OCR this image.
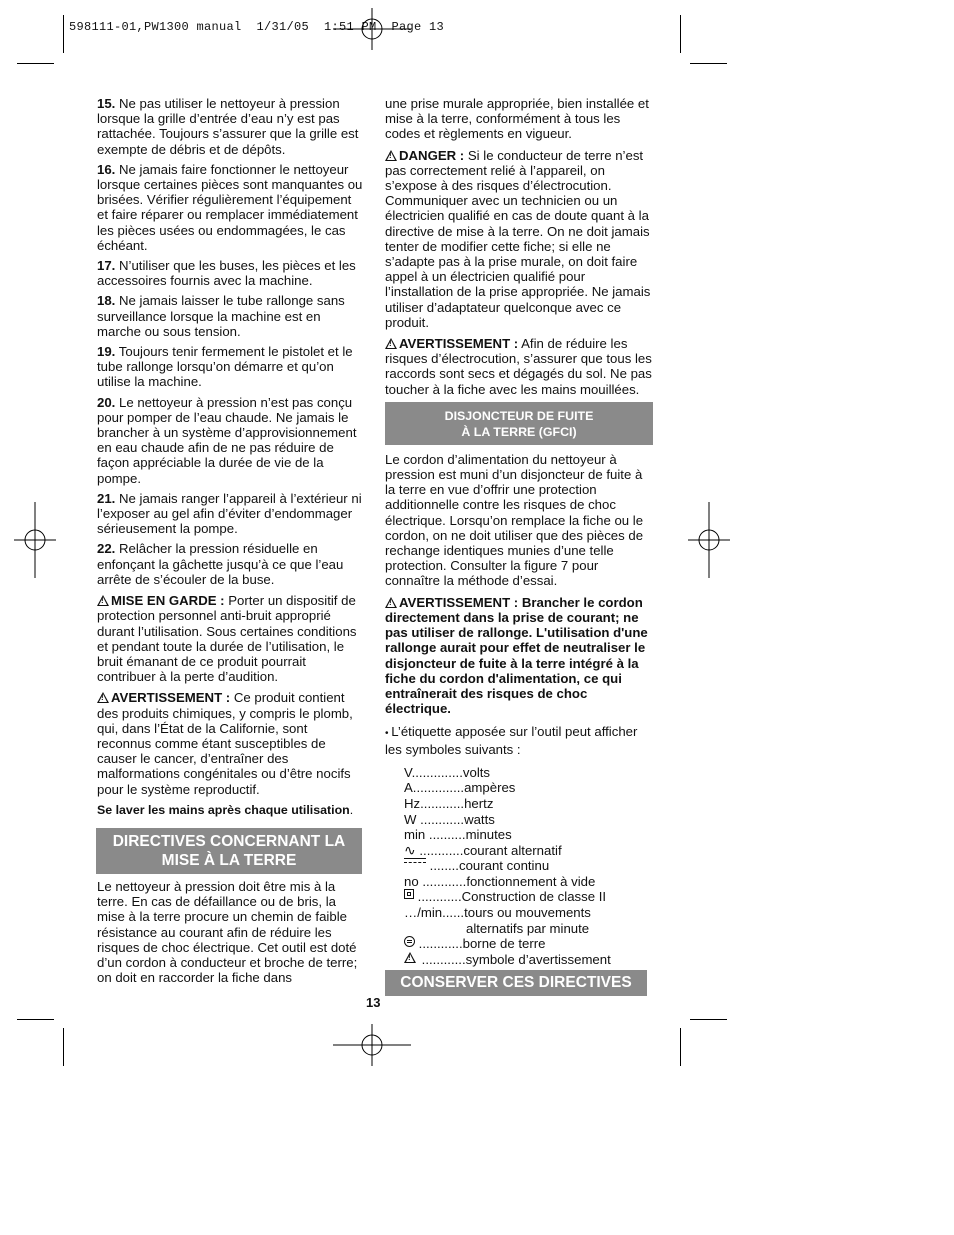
598111-01,PW1300 manual  1/31/05  1:51 PM  Page 13

15. Ne pas utiliser le nettoyeur à pression lorsque la grille d’entrée d’eau n’y est pas rattachée. Toujours s’assurer que la grille est exempte de débris et de dépôts.

16. Ne jamais faire fonctionner le nettoyeur lorsque certaines pièces sont manquantes ou brisées. Vérifier régulièrement l’équipement et faire réparer ou remplacer immédiatement les pièces usées ou endommagées, le cas échéant.

17. N’utiliser que les buses, les pièces et les accessoires fournis avec la machine.

18. Ne jamais laisser le tube rallonge sans surveillance lorsque la machine est en marche ou sous tension.

19. Toujours tenir fermement le pistolet et le tube rallonge lorsqu’on démarre et qu’on utilise la machine.

20. Le nettoyeur à pression n’est pas conçu pour pomper de l’eau chaude. Ne jamais le brancher à un système d’approvisionnement en eau chaude afin de ne pas réduire de façon appréciable la durée de vie de la pompe.

21. Ne jamais ranger l’appareil à l’extérieur ni l’exposer au gel afin d’éviter d’endommager sérieusement la pompe.

22. Relâcher la pression résiduelle en enfonçant la gâchette jusqu’à ce que l’eau arrête de s’écouler de la buse.

!MISE EN GARDE : Porter un dispositif de protection personnel anti-bruit approprié durant l’utilisation. Sous certaines conditions et pendant toute la durée de l’utilisation, le bruit émanant de ce produit pourrait contribuer à la perte d’audition.

!AVERTISSEMENT : Ce produit contient des produits chimiques, y compris le plomb, qui, dans l’État de la Californie, sont reconnus comme étant susceptibles de causer le cancer, d’entraîner des malformations congénitales ou d’être nocifs pour le système reproductif.

Se laver les mains après chaque utilisation.

DIRECTIVES CONCERNANT LA MISE À LA TERRE

Le nettoyeur à pression doit être mis à la terre. En cas de défaillance ou de bris, la mise à la terre procure un chemin de faible résistance au courant afin de réduire les risques de choc électrique. Cet outil est doté d’un cordon à conducteur et broche de terre; on doit en raccorder la fiche dans

une prise murale appropriée, bien installée et mise à la terre, conformément à tous les codes et règlements en vigueur.

!DANGER : Si le conducteur de terre n’est pas correctement relié à l’appareil, on s’expose à des risques d’électrocution. Communiquer avec un technicien ou un électricien qualifié en cas de doute quant à la directive de mise à la terre. On ne doit jamais tenter de modifier cette fiche; si elle ne s’adapte pas à la prise murale, on doit faire appel à un électricien qualifié pour l’installation de la prise appropriée. Ne jamais utiliser d’adaptateur quelconque avec ce produit.

!AVERTISSEMENT : Afin de réduire les risques d’électrocution, s’assurer que tous les raccords sont secs et dégagés du sol. Ne pas toucher à la fiche avec les mains mouillées.

DISJONCTEUR DE FUITE
À LA TERRE (GFCI)

Le cordon d’alimentation du nettoyeur à pression est muni d’un disjoncteur de fuite à la terre en vue d’offrir une protection additionnelle contre les risques de choc électrique. Lorsqu’on remplace la fiche ou le cordon, on ne doit utiliser que des pièces de rechange identiques munies d’une telle protection. Consulter la figure 7 pour connaître la méthode d’essai.

!AVERTISSEMENT : Brancher le cordon directement dans la prise de courant; ne pas utiliser de rallonge. L'utilisation d'une rallonge aurait pour effet de neutraliser le disjoncteur de fuite à la terre intégré à la fiche du cordon d'alimentation, ce qui entraînerait des risques de choc électrique.

• L’étiquette apposée sur l’outil peut afficher les symboles suivants :

V.............. volts
A.............. ampères
Hz............ hertz
W ............ watts
min .......... minutes
∿ ............ courant alternatif
........ courant continu
no ............ fonctionnement à vide
............ Construction de classe II
…/min...... tours ou mouvements
alternatifs par minute
............ borne de terre
!
............ symbole d’avertissement
CONSERVER CES DIRECTIVES
13
